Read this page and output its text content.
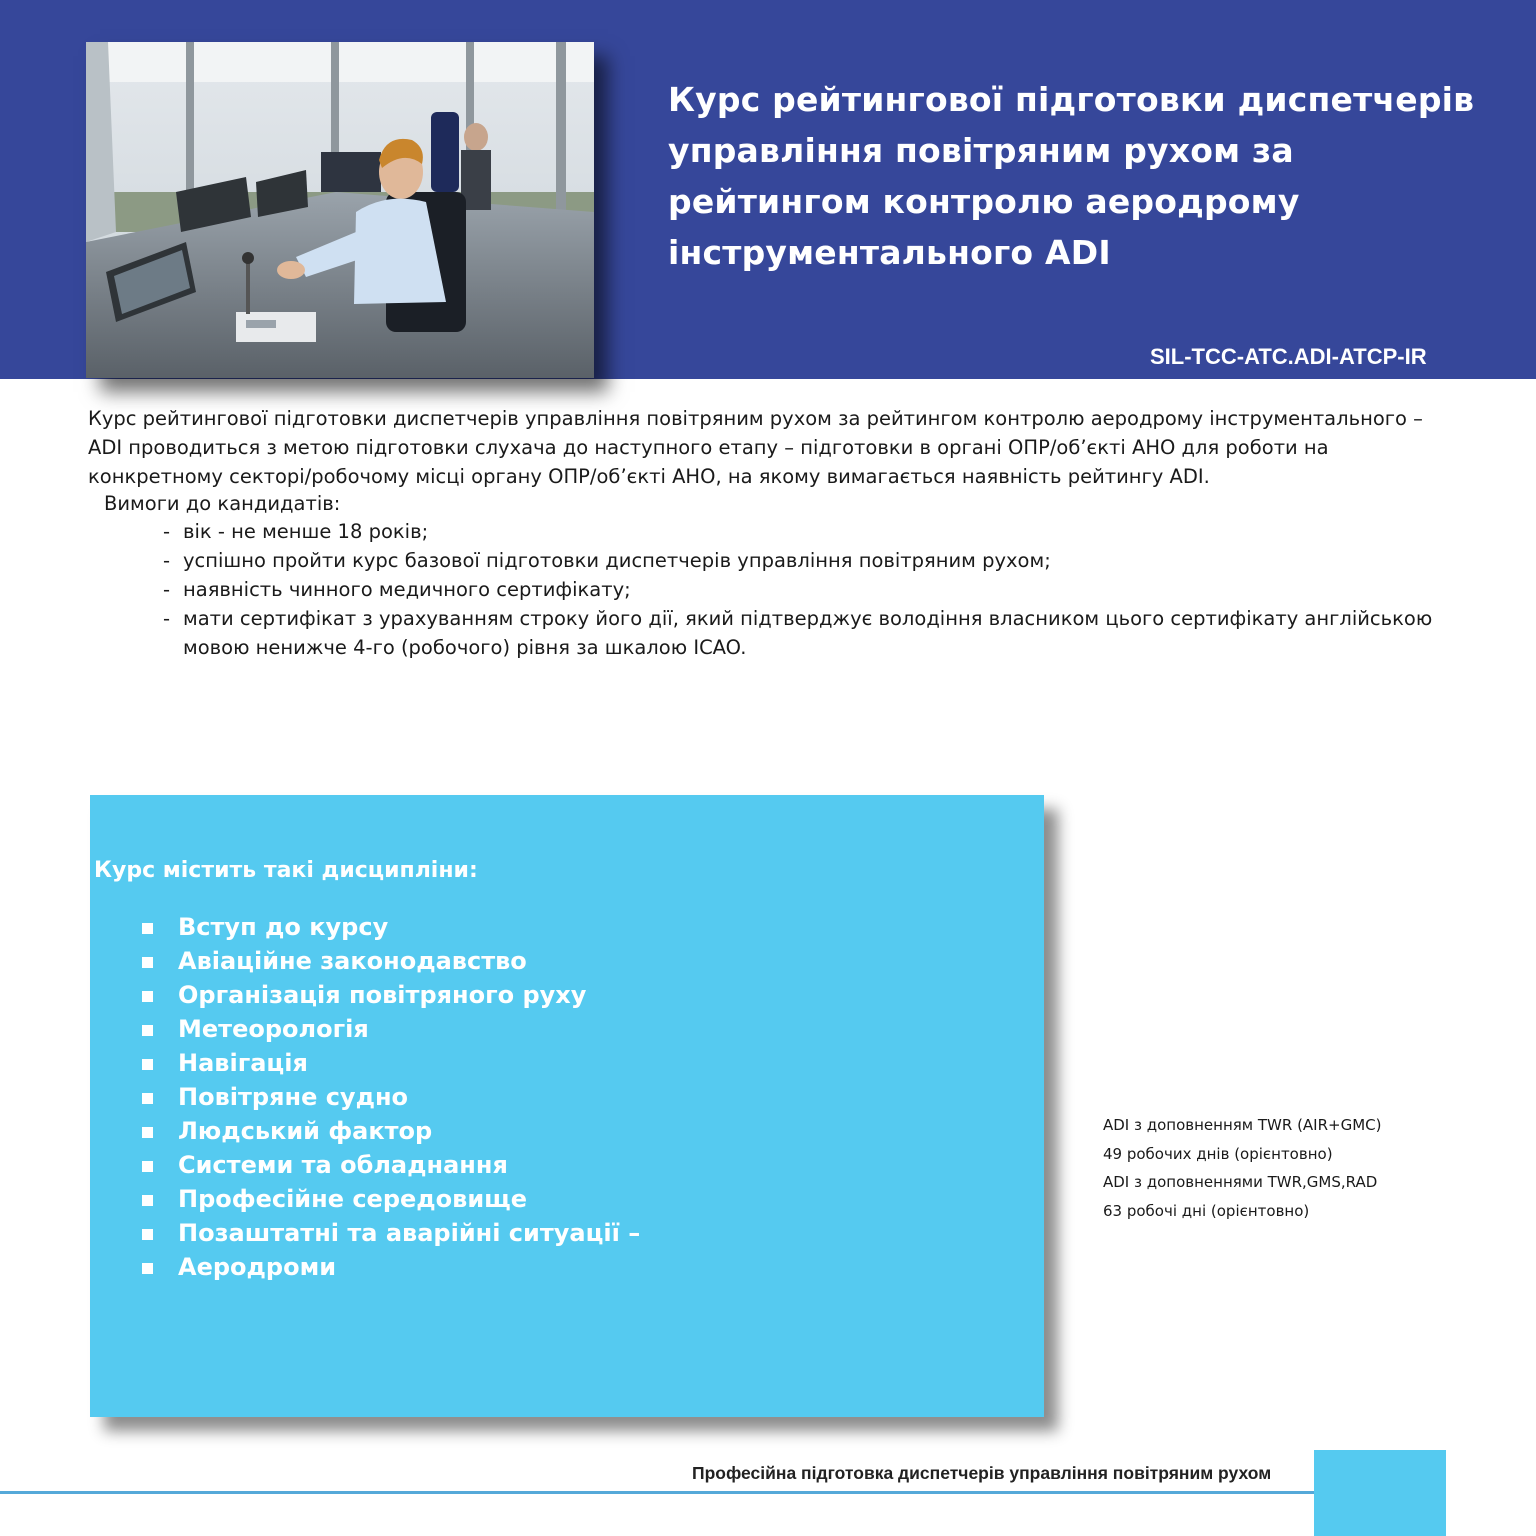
Курс рейтингової підготовки диспетчерів управління повітряним рухом за рейтингом контролю аеродрому інструментального ADI
SIL-TCC-ATC.ADI-ATCP-IR

Курс рейтингової підготовки диспетчерів управління повітряним рухом за рейтингом контролю аеродрому інструментального – ADI проводиться з метою підготовки слухача до наступного етапу – підготовки в органі ОПР/об’єкті АНО для роботи на конкретному секторі/робочому місці органу ОПР/об’єкті АНО, на якому вимагається наявність рейтингу ADI.

Вимоги до кандидатів:
- вік - не менше 18 років;
- успішно пройти курс базової підготовки диспетчерів управління повітряним рухом;
- наявність чинного медичного сертифікату;
- мати сертифікат з урахуванням строку його дії, який підтверджує володіння власником цього сертифікату англійською мовою ненижче 4-го (робочого) рівня за шкалою ICAO.
Курс містить такі дисципліни:
Вступ до курсу
Авіаційне законодавство
Організація повітряного руху
Метеорологія
Навігація
Повітряне судно
Людський фактор
Системи та обладнання
Професійне середовище
Позаштатні та аварійні ситуації –
Аеродроми
ADI з доповненням TWR (AIR+GMC)
49 робочих днів (орієнтовно)
ADI з доповненнями TWR,GMS,RAD
63 робочі дні (орієнтовно)
Професійна підготовка диспетчерів управління повітряним рухом
